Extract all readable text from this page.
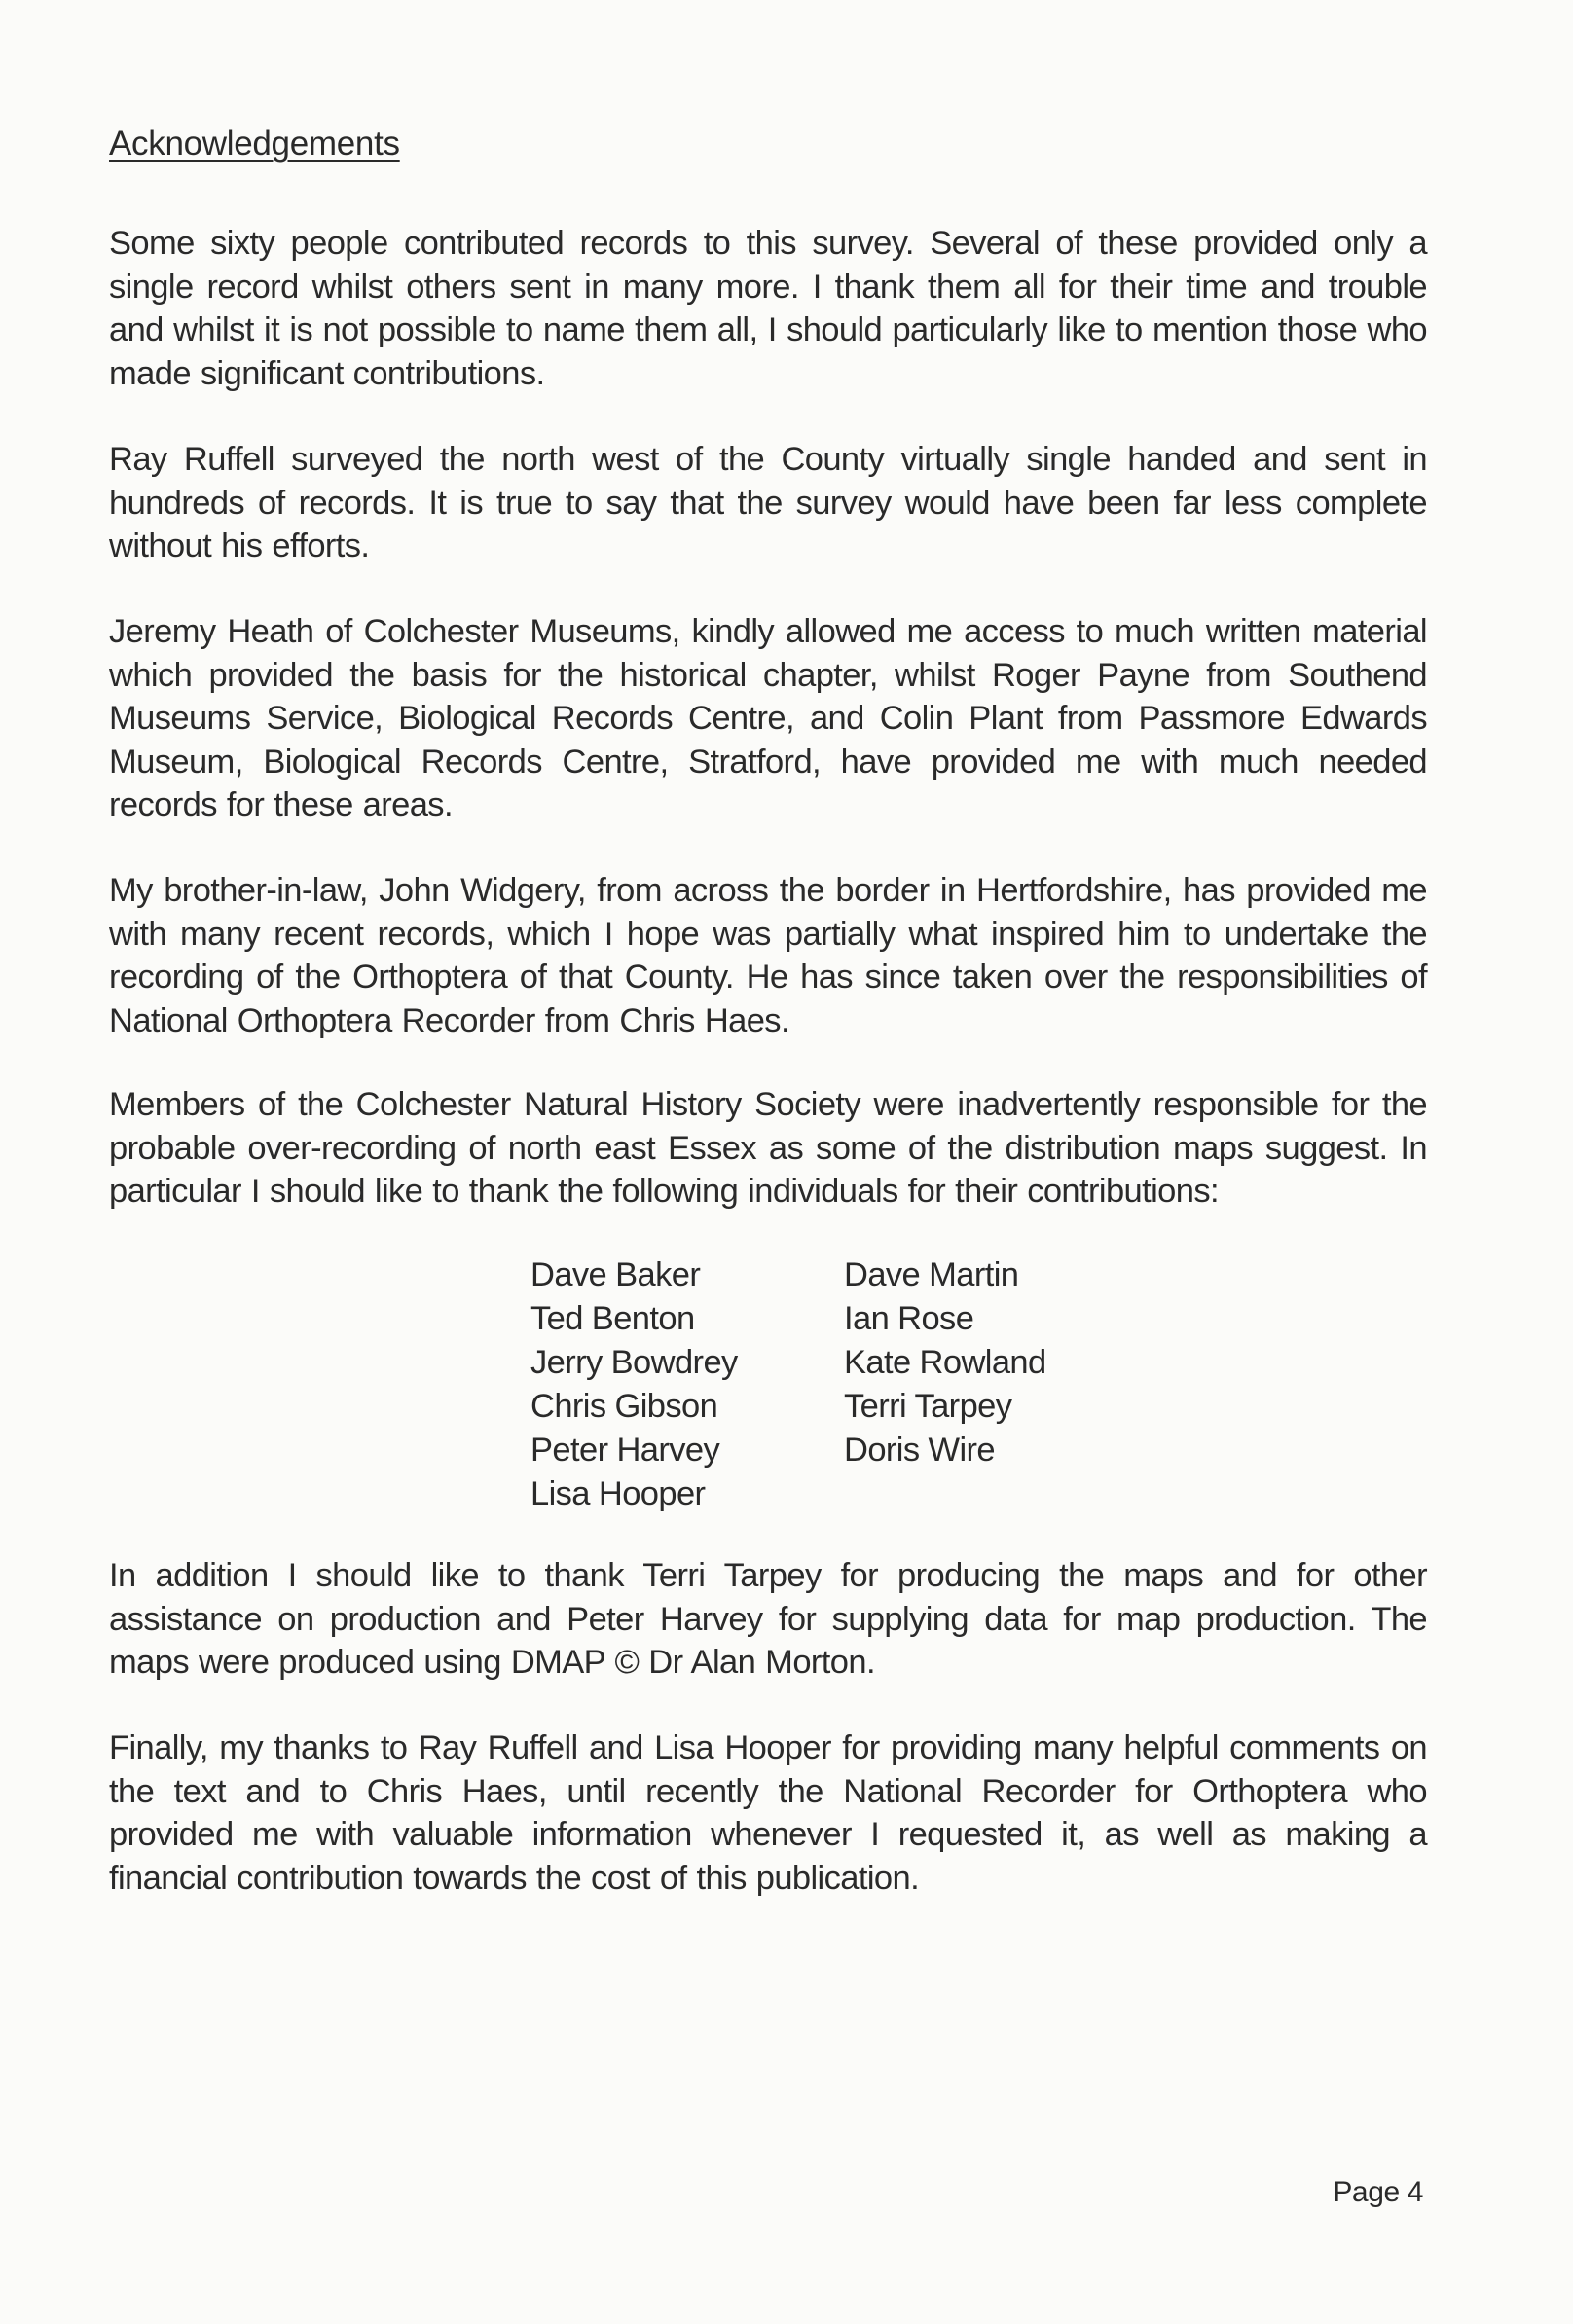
Acknowledgements

Some sixty people contributed records to this survey. Several of these provided only a single record whilst others sent in many more. I thank them all for their time and trouble and whilst it is not possible to name them all, I should particularly like to mention those who made significant contributions.

Ray Ruffell surveyed the north west of the County virtually single handed and sent in hundreds of records. It is true to say that the survey would have been far less complete without his efforts.

Jeremy Heath of Colchester Museums, kindly allowed me access to much written material which provided the basis for the historical chapter, whilst Roger Payne from Southend Museums Service, Biological Records Centre, and Colin Plant from Passmore Edwards Museum, Biological Records Centre, Stratford, have provided me with much needed records for these areas.

My brother-in-law, John Widgery, from across the border in Hertfordshire, has provided me with many recent records, which I hope was partially what inspired him to undertake the recording of the Orthoptera of that County. He has since taken over the responsibilities of National Orthoptera Recorder from Chris Haes.

Members of the Colchester Natural History Society were inadvertently responsible for the probable over-recording of north east Essex as some of the distribution maps suggest. In particular I should like to thank the following individuals for their contributions:

Dave Baker
Ted Benton
Jerry Bowdrey
Chris Gibson
Peter Harvey
Lisa Hooper
Dave Martin
Ian Rose
Kate Rowland
Terri Tarpey
Doris Wire

In addition I should like to thank Terri Tarpey for producing the maps and for other assistance on production and Peter Harvey for supplying data for map production. The maps were produced using DMAP © Dr Alan Morton.

Finally, my thanks to Ray Ruffell and Lisa Hooper for providing many helpful comments on the text and to Chris Haes, until recently the National Recorder for Orthoptera who provided me with valuable information whenever I requested it, as well as making a financial contribution towards the cost of this publication.

Page 4
